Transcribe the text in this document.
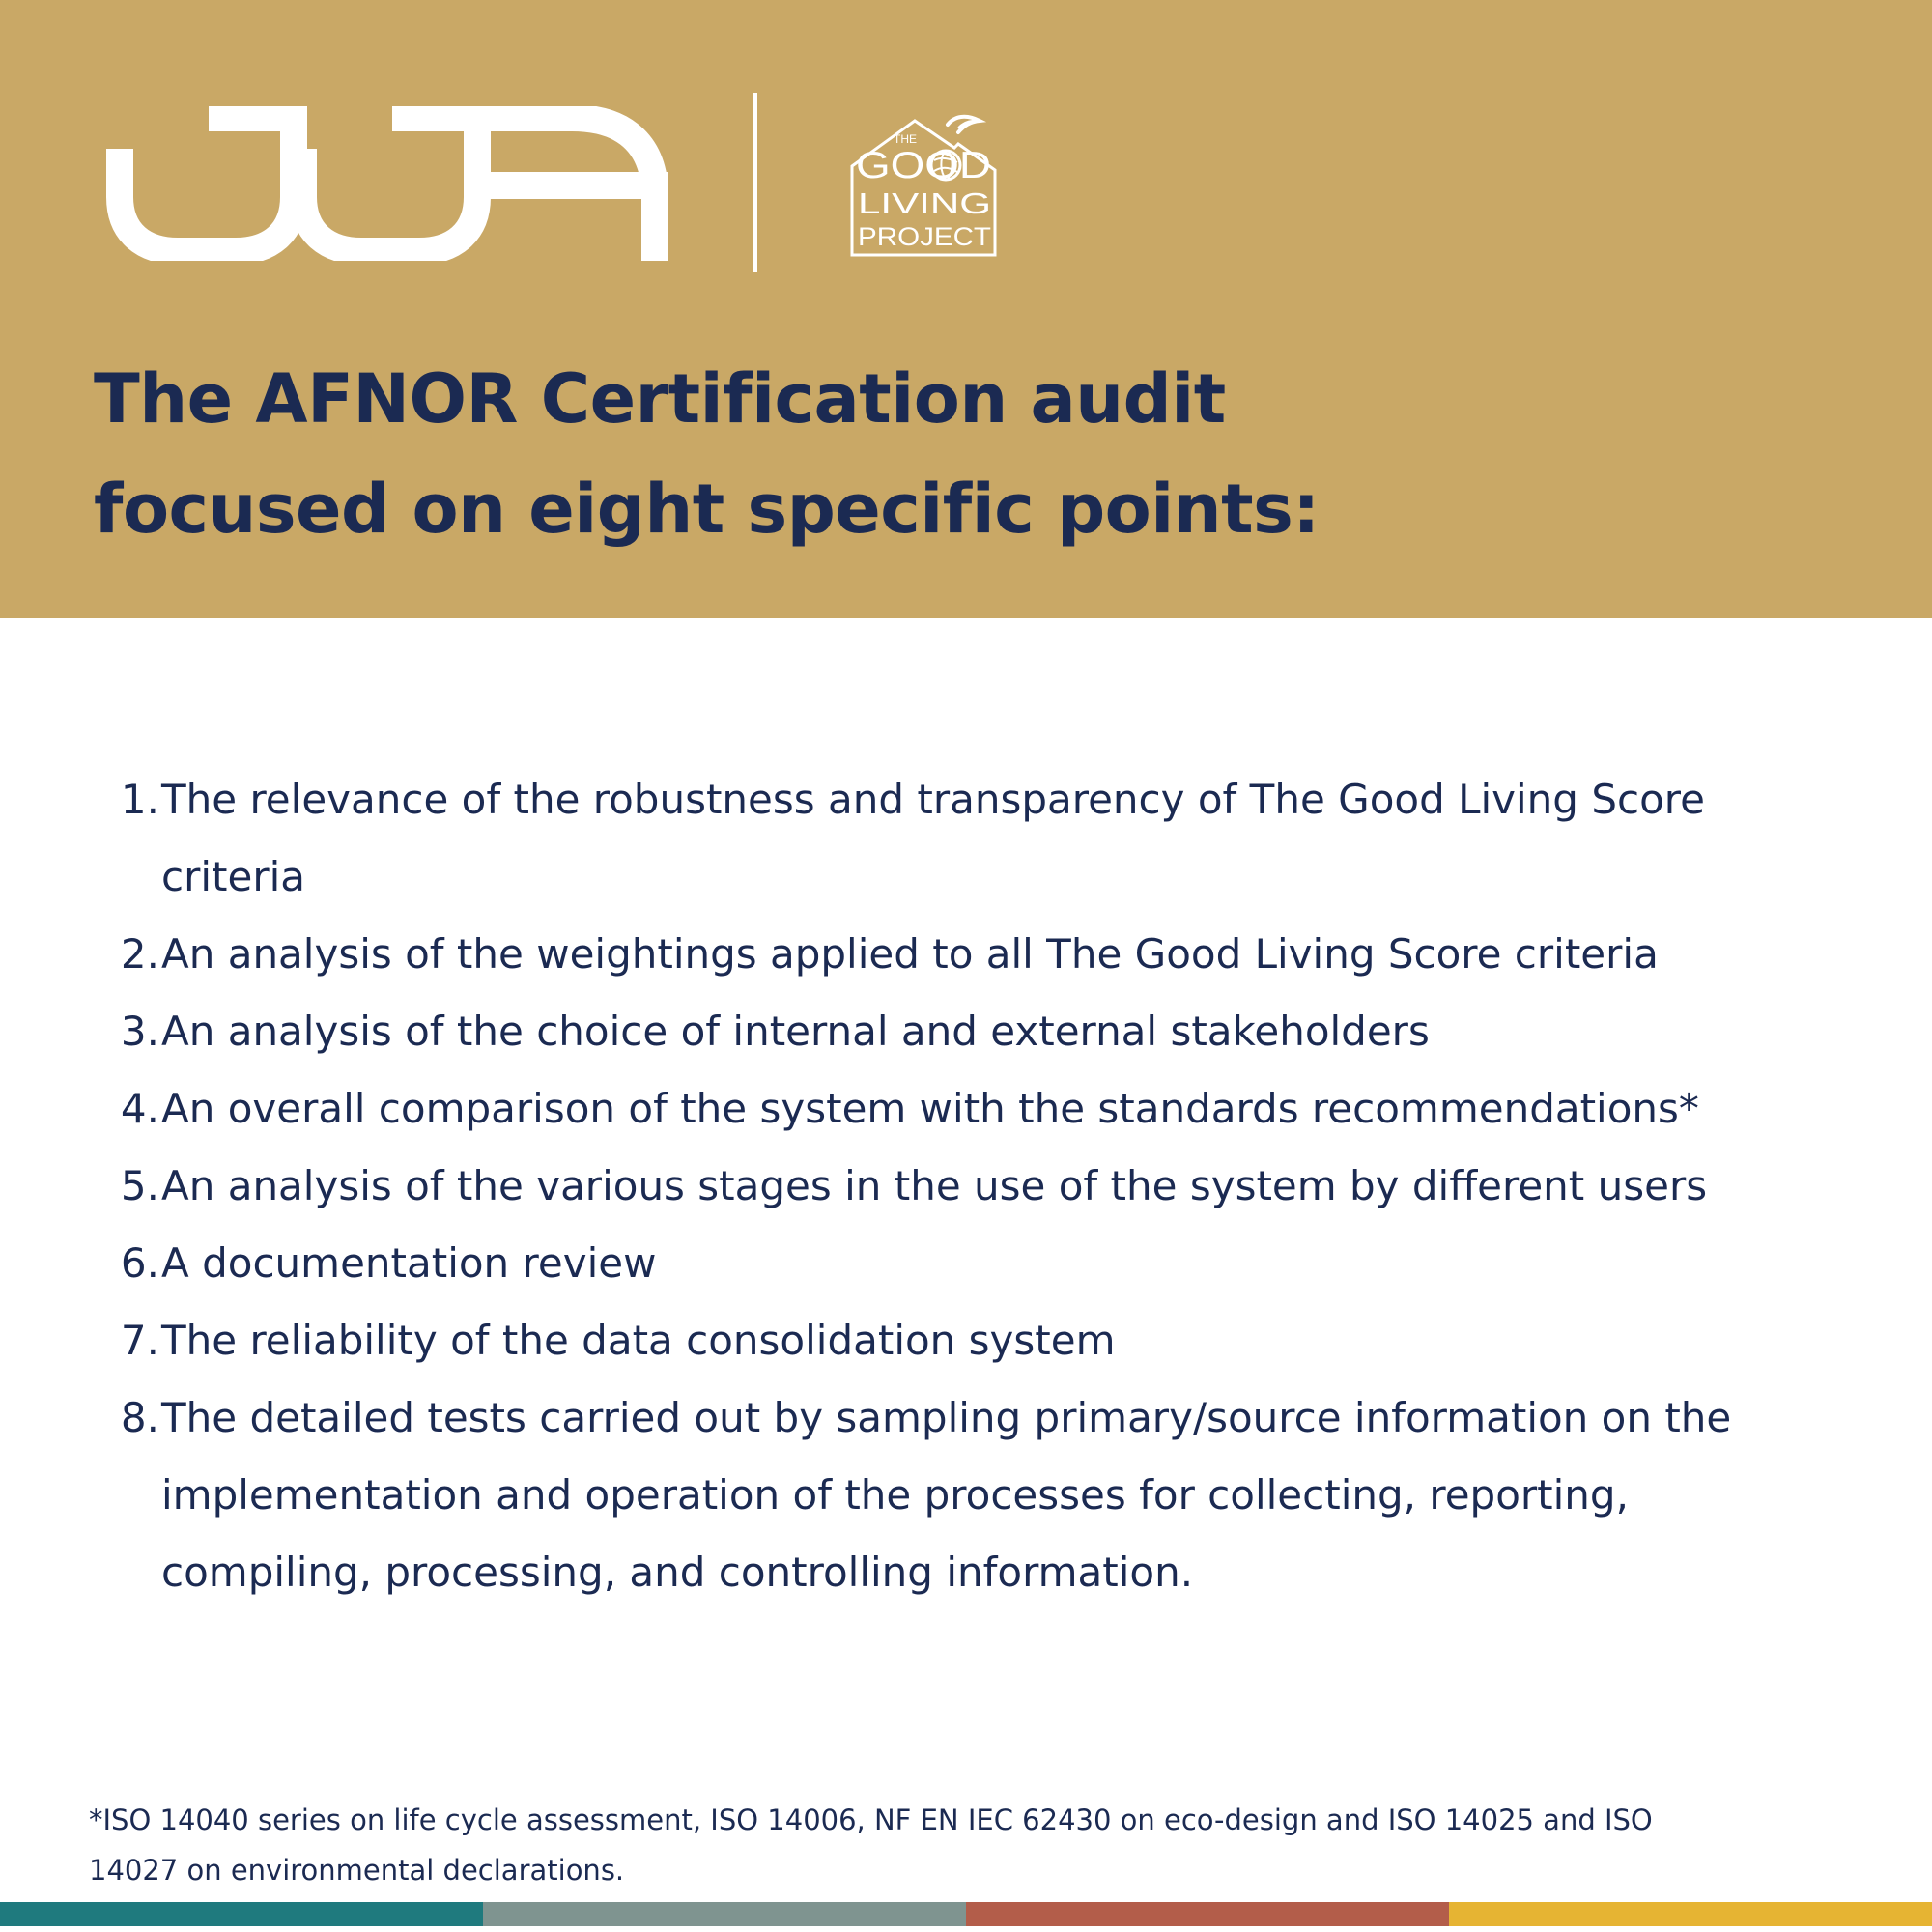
THE
GOOD
LIVING
PROJECT
The AFNOR Certification audit
focused on eight specific points:
1. The relevance of the robustness and transparency of The Good Living Score criteria
2. An analysis of the weightings applied to all The Good Living Score criteria
3. An analysis of the choice of internal and external stakeholders
4. An overall comparison of the system with the standards recommendations*
5. An analysis of the various stages in the use of the system by different users
6. A documentation review
7. The reliability of the data consolidation system
8. The detailed tests carried out by sampling primary/source information on the implementation and operation of the processes for collecting, reporting, compiling, processing, and controlling information.

*ISO 14040 series on life cycle assessment, ISO 14006, NF EN IEC 62430 on eco-design and ISO 14025 and ISO 14027 on environmental declarations.
